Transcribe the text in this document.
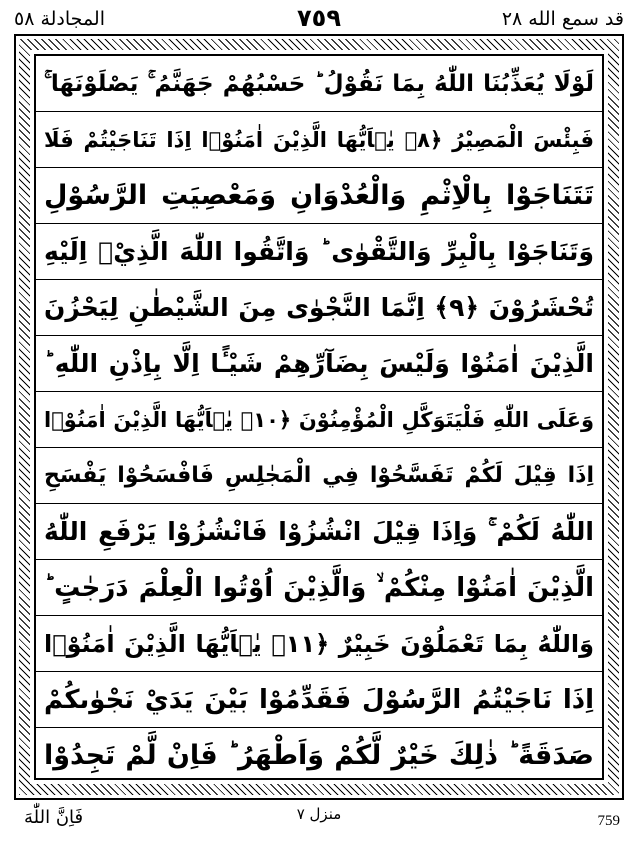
المجادلة ٥٨	٧٥٩	قد سمع الله ٢٨
لَوْلَا يُعَذِّبُنَا اللّٰهُ بِمَا نَقُوْلُ ؕ حَسْبُهُمْ جَهَنَّمُ ۚ يَصْلَوْنَهَا ۚ
فَبِئْسَ الْمَصِيْرُ ﴿٨﴾ يٰۤاَيُّهَا الَّذِيْنَ اٰمَنُوْۤا اِذَا تَنَاجَيْتُمْ فَلَا
تَتَنَاجَوْا بِالْاِثْمِ وَالْعُدْوَانِ وَمَعْصِيَتِ الرَّسُوْلِ
وَتَنَاجَوْا بِالْبِرِّ وَالتَّقْوٰى ؕ وَاتَّقُوا اللّٰهَ الَّذِيْۤ اِلَيْهِ
تُحْشَرُوْنَ ﴿٩﴾ اِنَّمَا النَّجْوٰى مِنَ الشَّيْطٰنِ لِيَحْزُنَ
الَّذِيْنَ اٰمَنُوْا وَلَيْسَ بِضَآرِّهِمْ شَيْـًٔا اِلَّا بِاِذْنِ اللّٰهِ ؕ
وَعَلَى اللّٰهِ فَلْيَتَوَكَّلِ الْمُؤْمِنُوْنَ ﴿١٠﴾ يٰۤاَيُّهَا الَّذِيْنَ اٰمَنُوْۤا
اِذَا قِيْلَ لَكُمْ تَفَسَّحُوْا فِي الْمَجٰلِسِ فَافْسَحُوْا يَفْسَحِ
اللّٰهُ لَكُمْ ۚ وَاِذَا قِيْلَ انْشُزُوْا فَانْشُزُوْا يَرْفَعِ اللّٰهُ
الَّذِيْنَ اٰمَنُوْا مِنْكُمْ ۙ وَالَّذِيْنَ اُوْتُوا الْعِلْمَ دَرَجٰتٍ ؕ
وَاللّٰهُ بِمَا تَعْمَلُوْنَ خَبِيْرٌ ﴿١١﴾ يٰۤاَيُّهَا الَّذِيْنَ اٰمَنُوْۤا
اِذَا نَاجَيْتُمُ الرَّسُوْلَ فَقَدِّمُوْا بَيْنَ يَدَيْ نَجْوٰىكُمْ
صَدَقَةً ؕ ذٰلِكَ خَيْرٌ لَّكُمْ وَاَطْهَرُ ؕ فَاِنْ لَّمْ تَجِدُوْا
فَاِنَّ اللّٰهَ	منزل ٧	759
